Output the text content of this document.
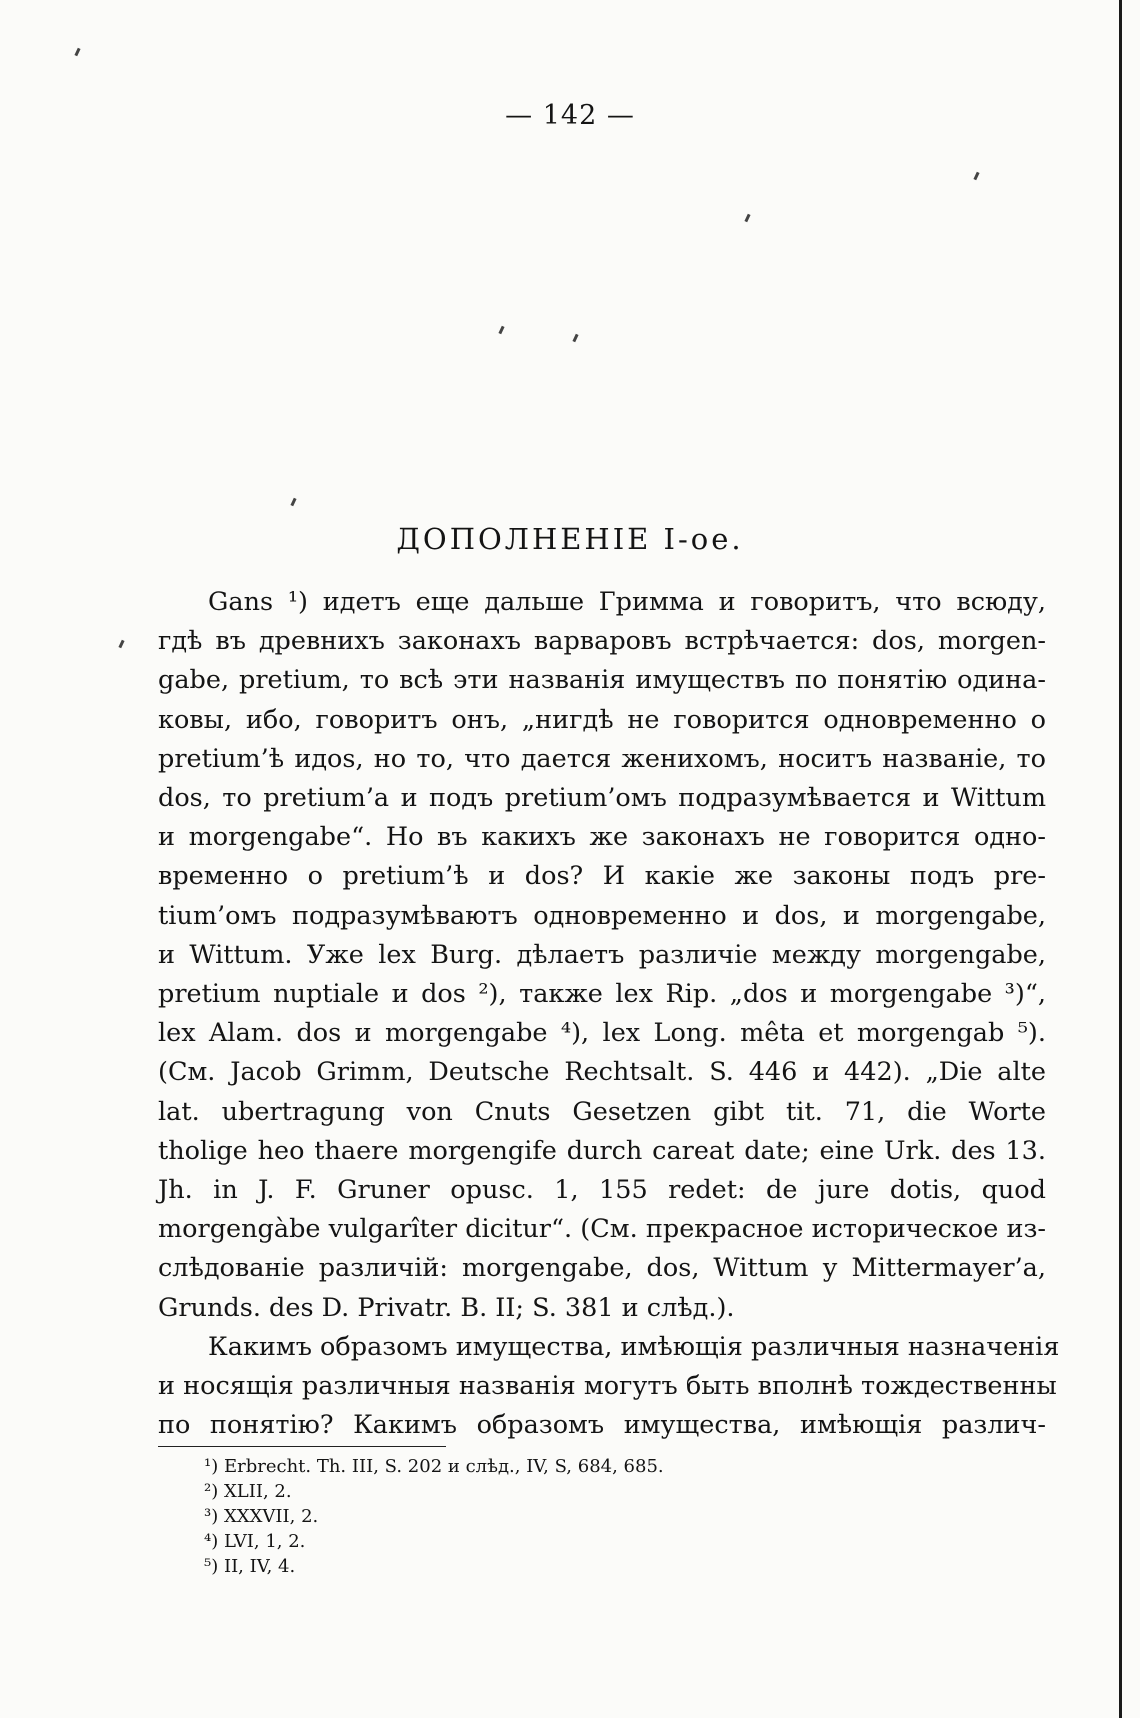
— 142 —
ДОПОЛНЕНІЕ I-ое.
Gans ¹) идетъ еще дальше Гримма и говоритъ, что всюду,
гдѣ въ древнихъ законахъ варваровъ встрѣчается: dos, morgen-
gabe, pretium, то всѣ эти названія имуществъ по понятію одина-
ковы, ибо, говоритъ онъ, „нигдѣ не говорится одновременно о
pretium’ѣ идos, но то, что дается женихомъ, носитъ названіе, то
dos, то pretium’а и подъ pretium’омъ подразумѣвается и Wittum
и morgengabe“. Но въ какихъ же законахъ не говорится одно-
временно о pretium’ѣ и dos? И какіе же законы подъ pre-
tium’омъ подразумѣваютъ одновременно и dos, и morgengabe,
и Wittum. Уже lex Burg. дѣлаетъ различіе между morgengabe,
pretium nuptiale и dos ²), также lex Rip. „dos и morgengabe ³)“,
lex Alam. dos и morgengabe ⁴), lex Long. mêta et morgengab ⁵).
(См. Jacob Grimm, Deutsche Rechtsalt. S. 446 и 442). „Die alte
lat. ubertragung von Cnuts Gesetzen gibt tit. 71, die Worte
tholige heo thaere morgengife durch careat date; eine Urk. des 13.
Jh. in J. F. Gruner opusc. 1, 155 redet: de jure dotis, quod
morgengàbe vulgarîter dicitur“. (См. прекрасное историческое из-
слѣдованіе различій: morgengabe, dos, Wittum у Mittermayer’a,
Grunds. des D. Privatr. B. II; S. 381 и слѣд.).
Какимъ образомъ имущества, имѣющія различныя назначенія
и носящія различныя названія могутъ быть вполнѣ тождественны
по понятію? Какимъ образомъ имущества, имѣющія различ-
¹) Erbrecht. Th. III, S. 202 и слѣд., IV, S, 684, 685.
²) XLII, 2.
³) XXXVII, 2.
⁴) LVI, 1, 2.
⁵) II, IV, 4.
